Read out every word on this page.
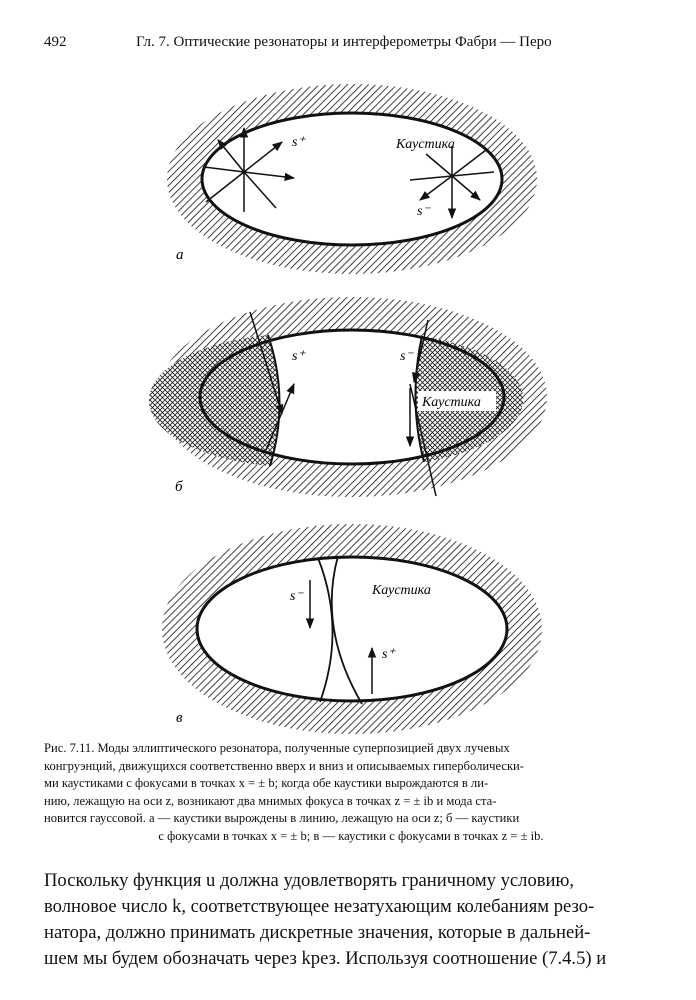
492	Гл. 7. Оптические резонаторы и интерферометры Фабри — Перо
s⁺	Каустика
s⁻
а
s⁺	s⁻
Каустика
б
s⁻	Каустика
s⁺
в
Рис. 7.11. Моды эллиптического резонатора, полученные суперпозицией двух лучевых
конгруэнций, движущихся соответственно вверх и вниз и описываемых гиперболически-
ми каустиками с фокусами в точках x = ± b; когда обе каустики вырождаются в ли-
нию, лежащую на оси z, возникают два мнимых фокуса в точках z = ± ib и мода ста-
новится гауссовой. а — каустики вырождены в линию, лежащую на оси z; б — каустики
с фокусами в точках x = ± b; в — каустики с фокусами в точках z = ± ib.
Поскольку функция u должна удовлетворять граничному условию,
волновое число k, соответствующее незатухающим колебаниям резо-
натора, должно принимать дискретные значения, которые в дальней-
шем мы будем обозначать через kрез. Используя соотношение (7.4.5) и
